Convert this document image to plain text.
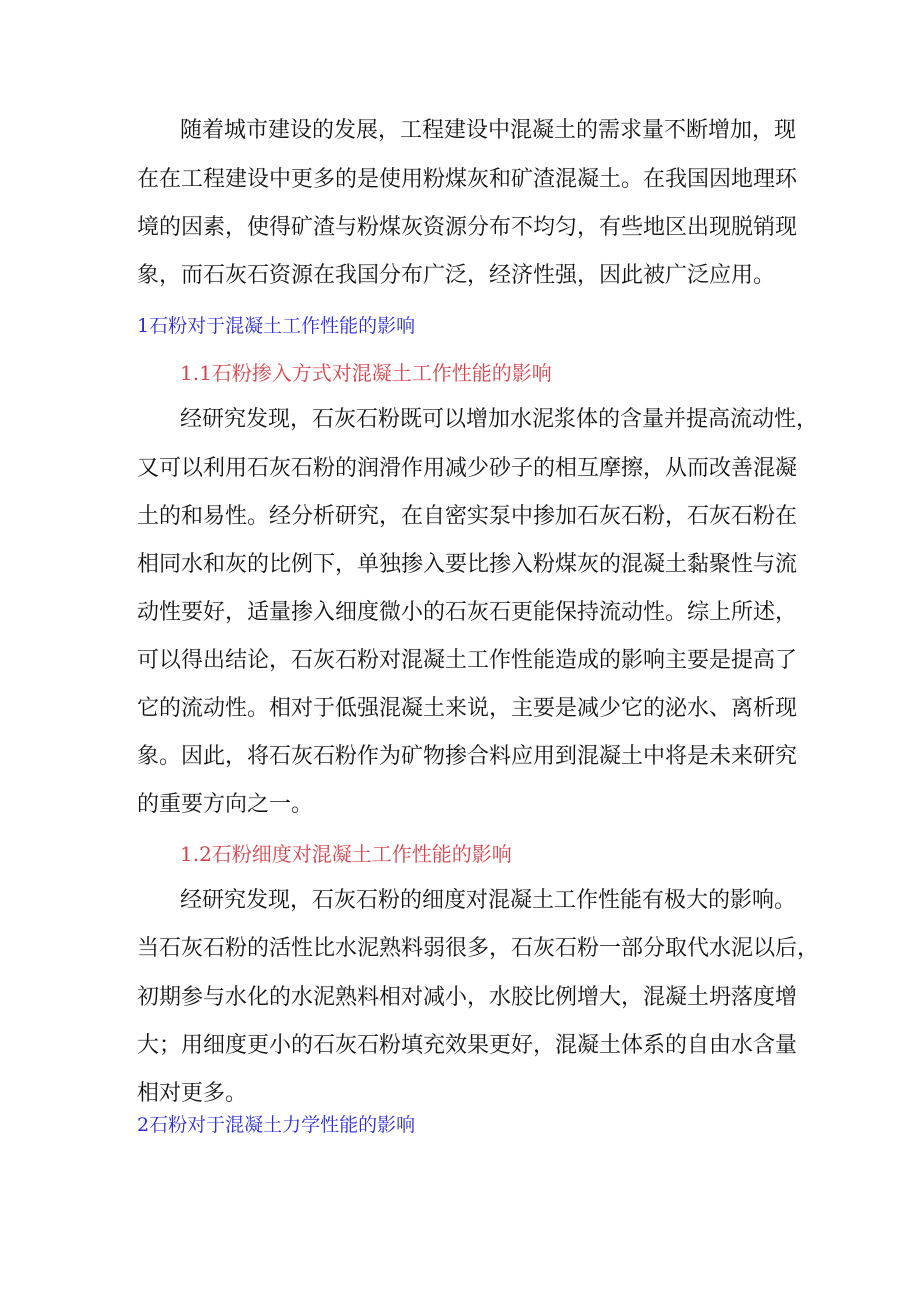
随着城市建设的发展，工程建设中混凝土的需求量不断增加，现
在在工程建设中更多的是使用粉煤灰和矿渣混凝土。在我国因地理环
境的因素，使得矿渣与粉煤灰资源分布不均匀，有些地区出现脱销现
象，而石灰石资源在我国分布广泛，经济性强，因此被广泛应用。
1石粉对于混凝土工作性能的影响
1.1石粉掺入方式对混凝土工作性能的影响
经研究发现，石灰石粉既可以增加水泥浆体的含量并提高流动性，
又可以利用石灰石粉的润滑作用减少砂子的相互摩擦，从而改善混凝
土的和易性。经分析研究，在自密实泵中掺加石灰石粉，石灰石粉在
相同水和灰的比例下，单独掺入要比掺入粉煤灰的混凝土黏聚性与流
动性要好，适量掺入细度微小的石灰石更能保持流动性。综上所述，
可以得出结论，石灰石粉对混凝土工作性能造成的影响主要是提高了
它的流动性。相对于低强混凝土来说，主要是减少它的泌水、离析现
象。因此，将石灰石粉作为矿物掺合料应用到混凝土中将是未来研究
的重要方向之一。
1.2石粉细度对混凝土工作性能的影响
经研究发现，石灰石粉的细度对混凝土工作性能有极大的影响。
当石灰石粉的活性比水泥熟料弱很多，石灰石粉一部分取代水泥以后，
初期参与水化的水泥熟料相对减小，水胶比例增大，混凝土坍落度增
大；用细度更小的石灰石粉填充效果更好，混凝土体系的自由水含量
相对更多。
2石粉对于混凝土力学性能的影响
